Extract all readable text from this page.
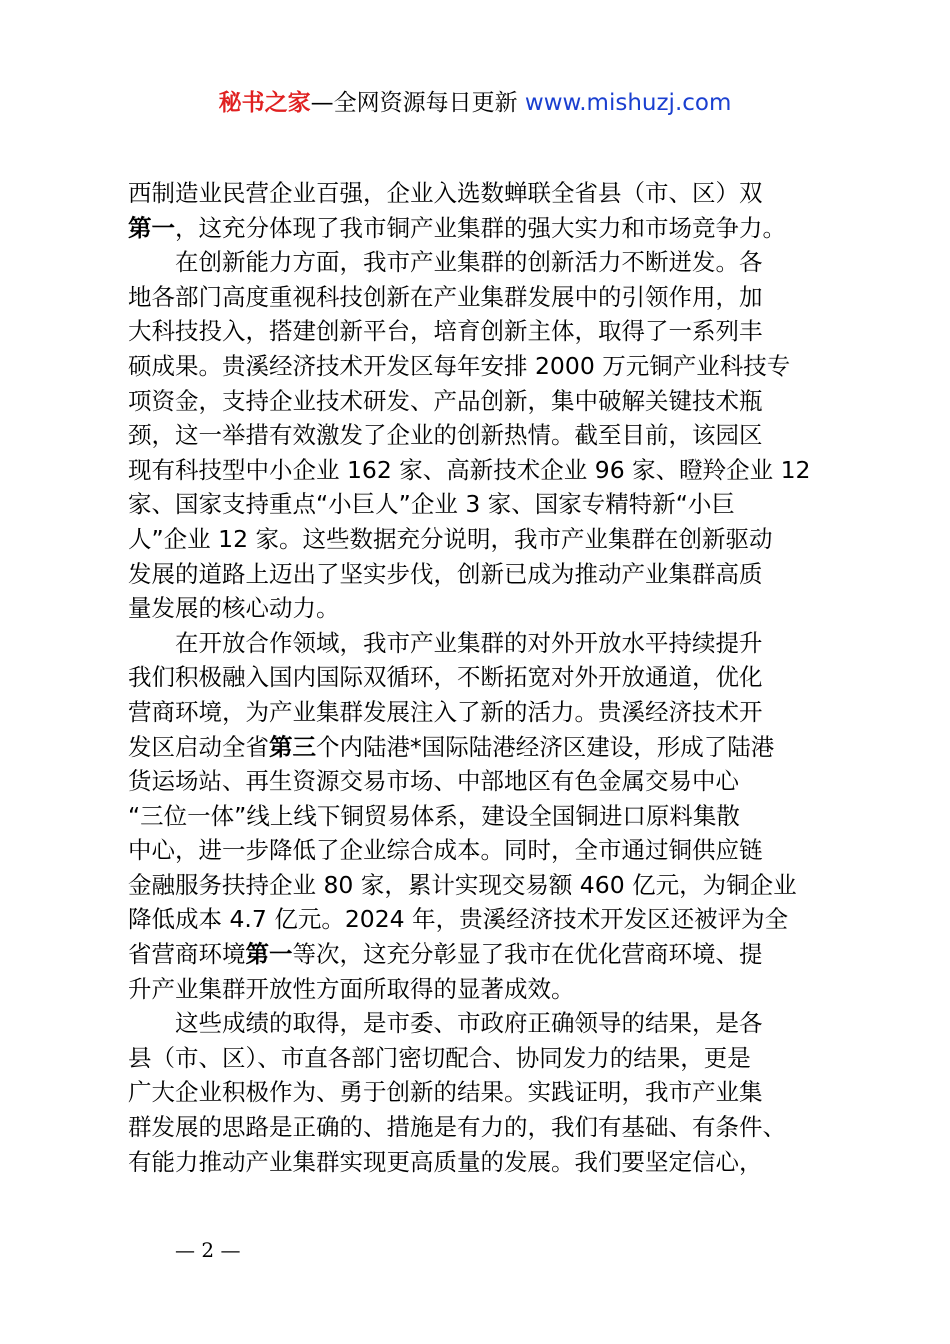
秘书之家—全网资源每日更新 www.mishuzj.com

西制造业民营企业百强，企业入选数蝉联全省县（市、区）双
第一，这充分体现了我市铜产业集群的强大实力和市场竞争力。

在创新能力方面，我市产业集群的创新活力不断迸发。各

地各部门高度重视科技创新在产业集群发展中的引领作用，加
大科技投入，搭建创新平台，培育创新主体，取得了一系列丰
硕成果。贵溪经济技术开发区每年安排 2000 万元铜产业科技专
项资金，支持企业技术研发、产品创新，集中破解关键技术瓶
颈，这一举措有效激发了企业的创新热情。截至目前，该园区
现有科技型中小企业 162 家、高新技术企业 96 家、瞪羚企业 12
家、国家支持重点“小巨人”企业 3 家、国家专精特新“小巨
人”企业 12 家。这些数据充分说明，我市产业集群在创新驱动
发展的道路上迈出了坚实步伐，创新已成为推动产业集群高质
量发展的核心动力。

在开放合作领域，我市产业集群的对外开放水平持续提升

我们积极融入国内国际双循环，不断拓宽对外开放通道，优化
营商环境，为产业集群发展注入了新的活力。贵溪经济技术开
发区启动全省第三个内陆港*国际陆港经济区建设，形成了陆港
货运场站、再生资源交易市场、中部地区有色金属交易中心
“三位一体”线上线下铜贸易体系，建设全国铜进口原料集散
中心，进一步降低了企业综合成本。同时，全市通过铜供应链
金融服务扶持企业 80 家，累计实现交易额 460 亿元，为铜企业
降低成本 4.7 亿元。2024 年，贵溪经济技术开发区还被评为全
省营商环境第一等次，这充分彰显了我市在优化营商环境、提
升产业集群开放性方面所取得的显著成效。

这些成绩的取得，是市委、市政府正确领导的结果，是各

县（市、区）、市直各部门密切配合、协同发力的结果，更是
广大企业积极作为、勇于创新的结果。实践证明，我市产业集
群发展的思路是正确的、措施是有力的，我们有基础、有条件、
有能力推动产业集群实现更高质量的发展。我们要坚定信心，

— 2 —
